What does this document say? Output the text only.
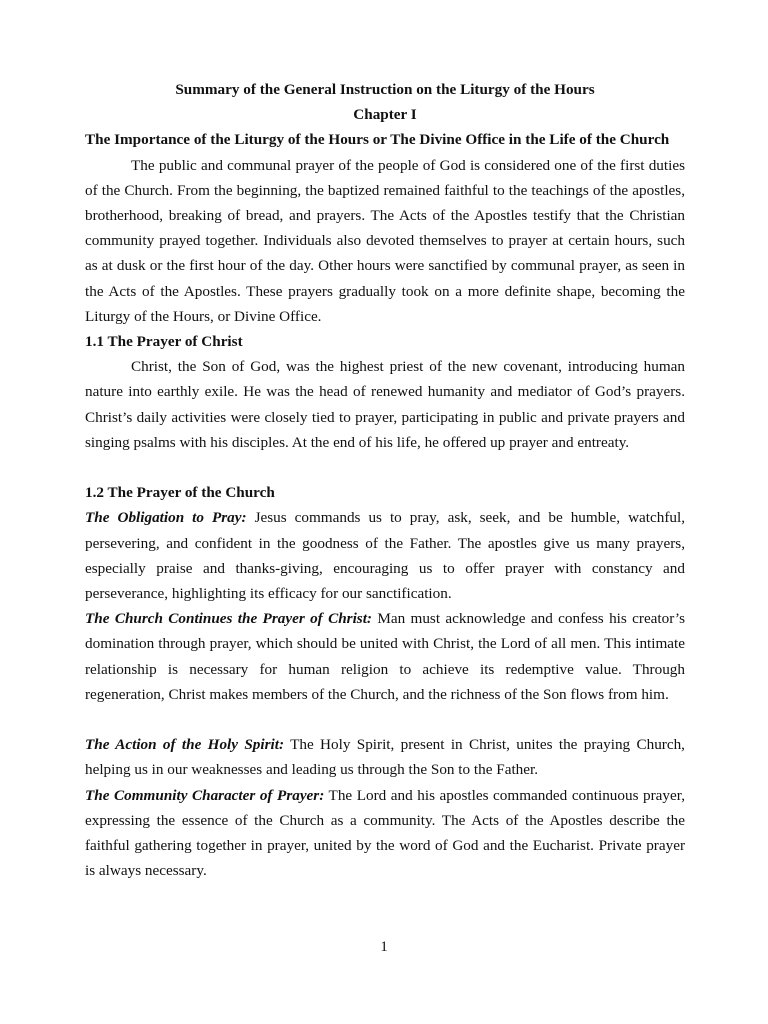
Summary of the General Instruction on the Liturgy of the Hours
Chapter I
The Importance of the Liturgy of the Hours or The Divine Office in the Life of the Church
The public and communal prayer of the people of God is considered one of the first duties of the Church. From the beginning, the baptized remained faithful to the teachings of the apostles, brotherhood, breaking of bread, and prayers. The Acts of the Apostles testify that the Christian community prayed together. Individuals also devoted themselves to prayer at certain hours, such as at dusk or the first hour of the day. Other hours were sanctified by communal prayer, as seen in the Acts of the Apostles. These prayers gradually took on a more definite shape, becoming the Liturgy of the Hours, or Divine Office.
1.1 The Prayer of Christ
Christ, the Son of God, was the highest priest of the new covenant, introducing human nature into earthly exile. He was the head of renewed humanity and mediator of God’s prayers. Christ’s daily activities were closely tied to prayer, participating in public and private prayers and singing psalms with his disciples. At the end of his life, he offered up prayer and entreaty.
1.2 The Prayer of the Church
The Obligation to Pray: Jesus commands us to pray, ask, seek, and be humble, watchful, persevering, and confident in the goodness of the Father. The apostles give us many prayers, especially praise and thanks-giving, encouraging us to offer prayer with constancy and perseverance, highlighting its efficacy for our sanctification.
The Church Continues the Prayer of Christ: Man must acknowledge and confess his creator’s domination through prayer, which should be united with Christ, the Lord of all men. This intimate relationship is necessary for human religion to achieve its redemptive value. Through regeneration, Christ makes members of the Church, and the richness of the Son flows from him.
The Action of the Holy Spirit: The Holy Spirit, present in Christ, unites the praying Church, helping us in our weaknesses and leading us through the Son to the Father.
The Community Character of Prayer: The Lord and his apostles commanded continuous prayer, expressing the essence of the Church as a community. The Acts of the Apostles describe the faithful gathering together in prayer, united by the word of God and the Eucharist. Private prayer is always necessary.
1
